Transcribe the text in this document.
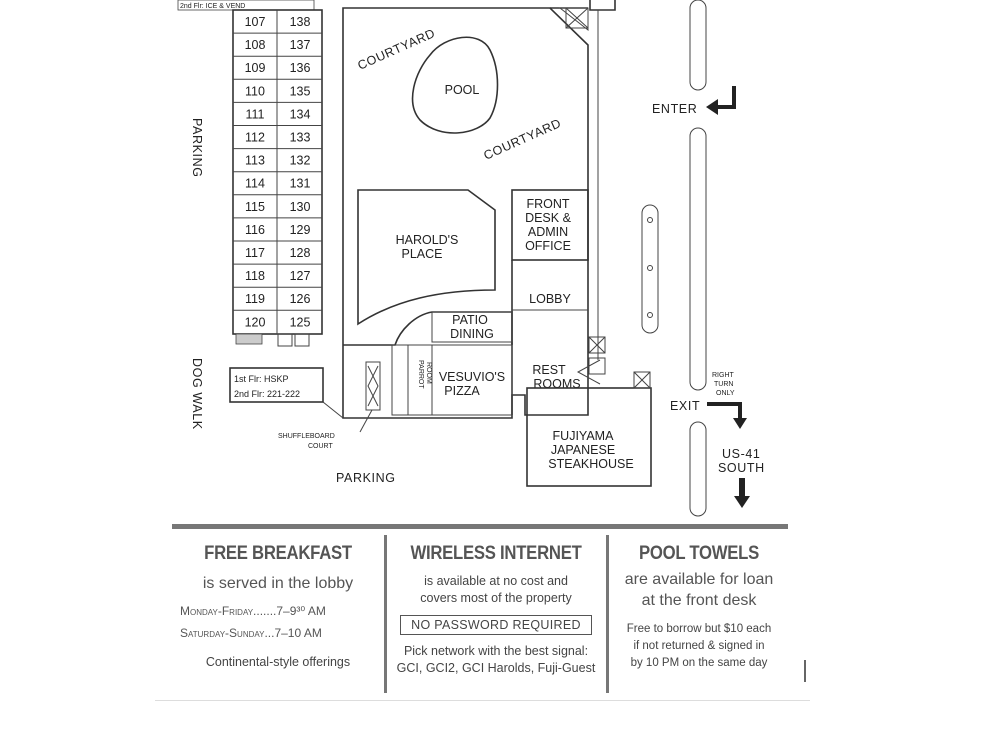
2nd Flr: ICE & VEND
107 138
108 137
109 136
110 135
111 134
112 133
113 132
114 131
115 130
116 129
117 128
118 127
119 126
120 125
PARKING
DOG WALK
POOL
COURTYARD
COURTYARD
HAROLD'S
PLACE
FRONT
DESK &
ADMIN
OFFICE
LOBBY
PATIO
DINING
VESUVIO'S
PIZZA
PARROT ROOM
SHUFFLEBOARD
COURT
REST
ROOMS
FUJIYAMA
JAPANESE
STEAKHOUSE
1st Flr: HSKP
2nd Flr: 221-222
PARKING
ENTER
EXIT
RIGHT
TURN
ONLY
US-41
SOUTH
FREE BREAKFAST
is served in the lobby
Monday-Friday.......7–9³⁰ AM
Saturday-Sunday...7–10 AM
Continental-style offerings
WIRELESS INTERNET
is available at no cost and
covers most of the property
NO PASSWORD REQUIRED
Pick network with the best signal:
GCI, GCI2, GCI Harolds, Fuji-Guest
POOL TOWELS
are available for loan
at the front desk
Free to borrow but $10 each
if not returned & signed in
by 10 PM on the same day
